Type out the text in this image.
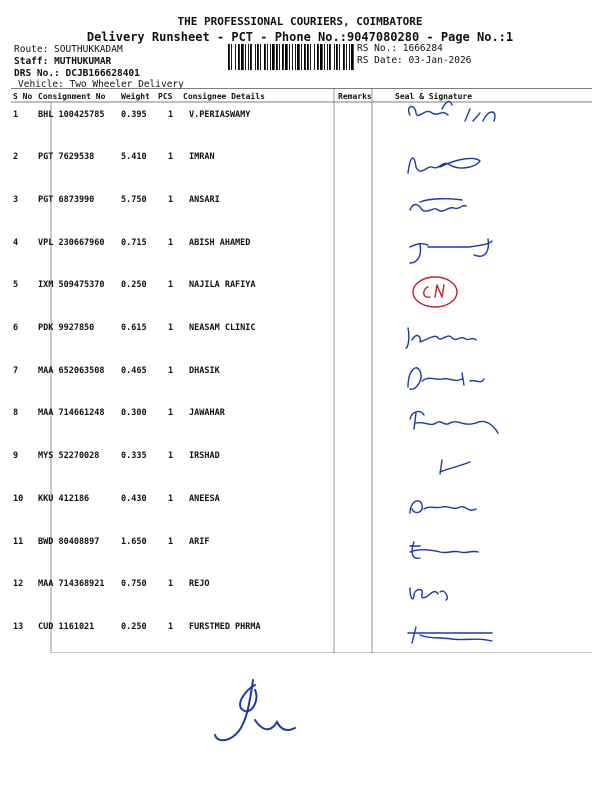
THE PROFESSIONAL COURIERS, COIMBATORE
Delivery Runsheet - PCT - Phone No.:9047080280 - Page No.:1
Route: SOUTHUKKADAM
Staff: MUTHUKUMAR
DRS No.: DCJB166628401
Vehicle: Two Wheeler Delivery
RS No.: 1666284
RS Date: 03-Jan-2026
S No Consignment No Weight PCS Consignee Details	Remarks	Seal & Signature
1 BHL 100425785 0.395	1 V.PERIASWAMY
2 PGT 7629538	5.410	1 IMRAN
3 PGT 6873990	5.750	1 ANSARI
4 VPL 230667960 0.715	1 ABISH AHAMED
5 IXM 509475370 0.250	1 NAJILA RAFIYA
6 PDK 9927850	0.615	1 NEASAM CLINIC
7 MAA 652063508 0.465	1 DHASIK
8 MAA 714661248 0.300	1 JAWAHAR
9 MYS 52270028	0.335	1 IRSHAD
10 KKU 412186	0.430	1 ANEESA
11 BWD 80408897	1.650	1 ARIF
12 MAA 714368921 0.750	1 REJO
13 CUD 1161021	0.250	1 FURSTMED PHRMA
